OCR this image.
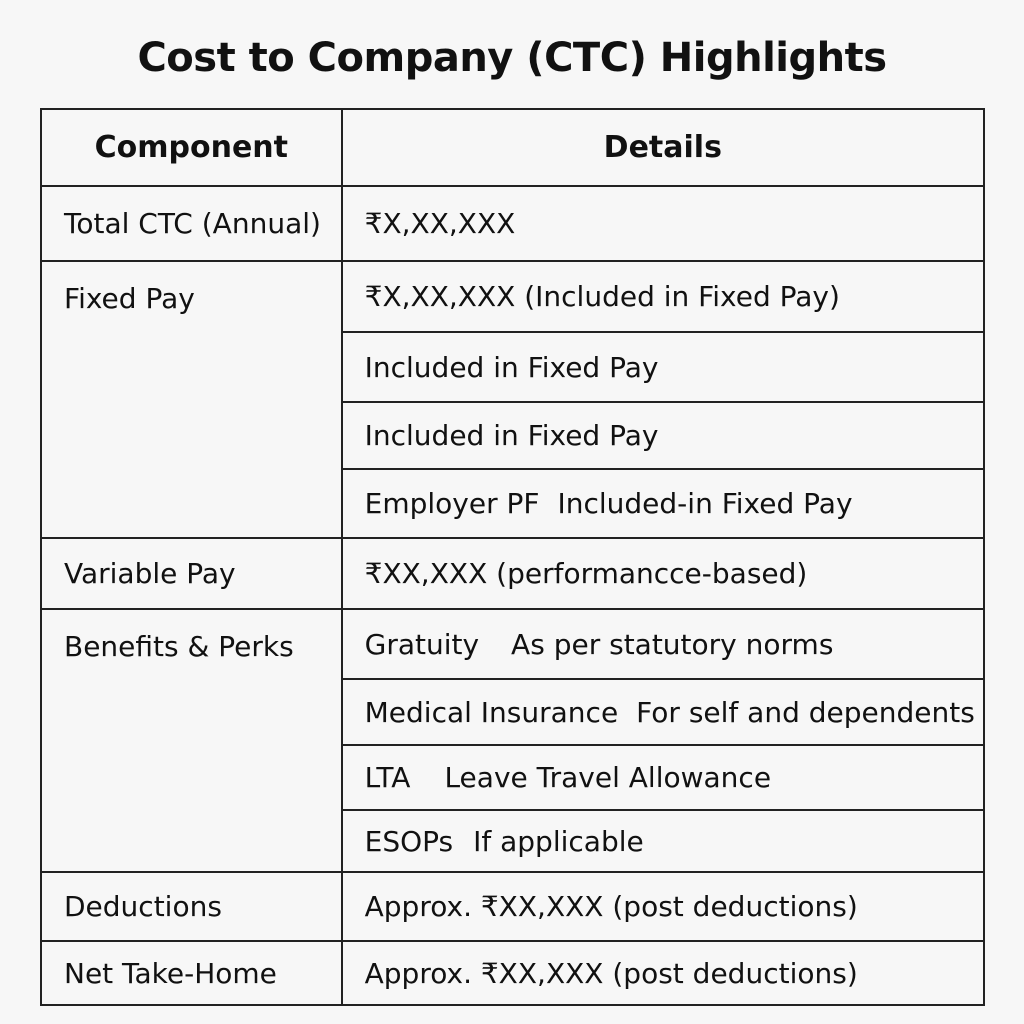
Cost to Company (CTC) Highlights
Component	Details
Total CTC (Annual)	₹X,XX,XXX
Fixed Pay	₹X,XX,XXX (Included in Fixed Pay)
	Included in Fixed Pay
	Included in Fixed Pay
	Employer PF Included-in Fixed Pay
Variable Pay	₹XX,XXX (performancce-based)
Benefits & Perks	Gratuity As per statutory norms
	Medical Insurance For self and dependents
	LTA Leave Travel Allowance
	ESOPs If applicable
Deductions	Approx. ₹XX,XXX (post deductions)
Net Take-Home	Approx. ₹XX,XXX (post deductions)
